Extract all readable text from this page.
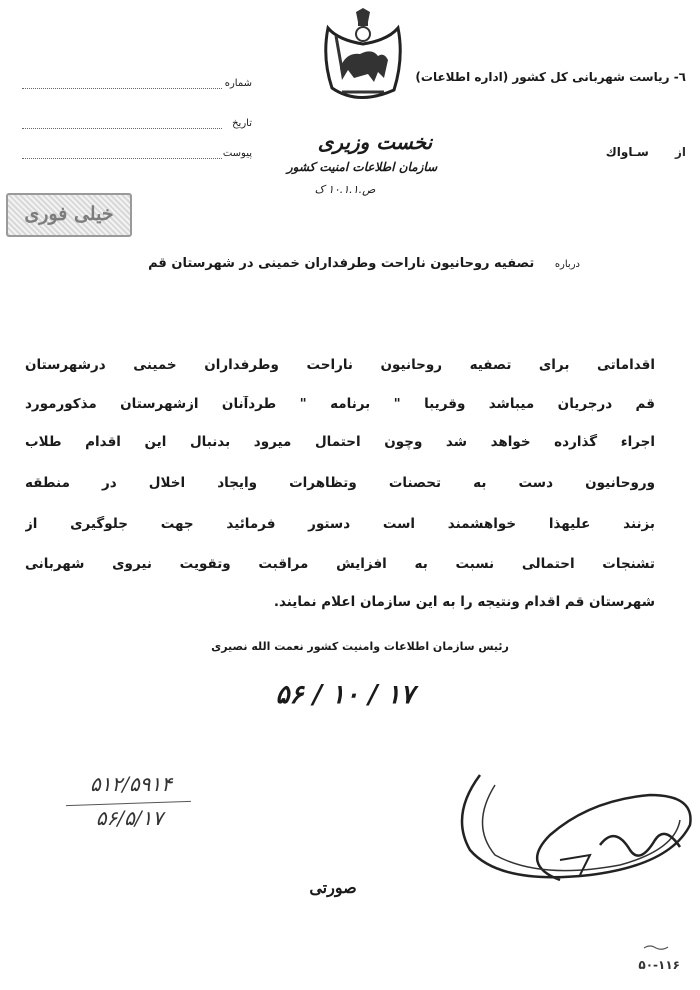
نخست وزیری
سازمان اطلاعات امنیت کشور
ص.۱۰.۱.۱ ک
٦- ریاست شهربانی کل کشور (اداره اطلاعات)
از سـاواك
شماره
تاریخ
پیوست
خیلی فوری
درباره تصفیه روحانیون ناراحت وطرفداران خمینی در شهرستان قم
اقداماتی برای تصفیه روحانیون ناراحت وطرفداران خمینی درشهرستان
قم درجریان میباشد وقریبا " برنامه " طردآنان ازشهرستان مذکورمورد
اجراء گذارده خواهد شد وچون احتمال میرود بدنبال این اقدام طلاب
وروحانیون دست به تحصنات وتظاهرات وایجاد اخلال در منطقه
بزنند علیهذا خواهشمند است دستور فرمائید جهت جلوگیری از
تشنجات احتمالی نسبت به افزایش مراقبت وتقویت نیروی شهربانی
شهرستان قم اقدام ونتیجه را به این سازمان اعلام نمایند.
رئیس سازمان اطلاعات وامنیت کشور نعمت الله نصیری
۱۷ / ۱۰ / ۵۶
۵۱۲/۵۹۱۴
۵۶/۵/۱۷
صورتی
۵۰-۱۱۶
